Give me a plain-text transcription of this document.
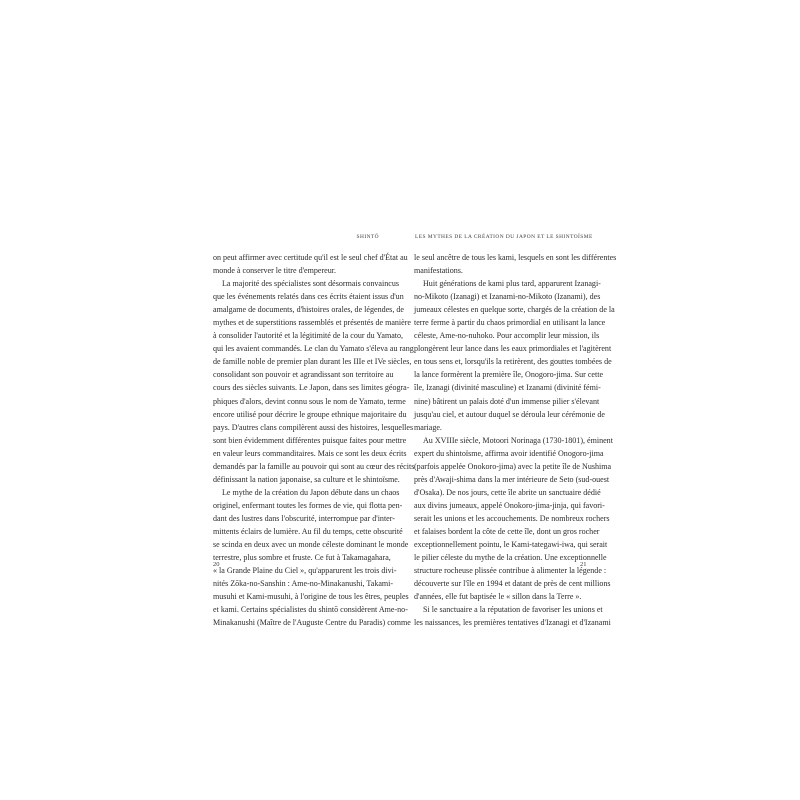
SHINTŌ
on peut affirmer avec certitude qu'il est le seul chef d'État au
monde à conserver le titre d'empereur.
La majorité des spécialistes sont désormais convaincus
que les événements relatés dans ces écrits étaient issus d'un
amalgame de documents, d'histoires orales, de légendes, de
mythes et de superstitions rassemblés et présentés de manière
à consolider l'autorité et la légitimité de la cour du Yamato,
qui les avaient commandés. Le clan du Yamato s'éleva au rang
de famille noble de premier plan durant les IIIe et IVe siècles,
consolidant son pouvoir et agrandissant son territoire au
cours des siècles suivants. Le Japon, dans ses limites géogra-
phiques d'alors, devint connu sous le nom de Yamato, terme
encore utilisé pour décrire le groupe ethnique majoritaire du
pays. D'autres clans compilèrent aussi des histoires, lesquelles
sont bien évidemment différentes puisque faites pour mettre
en valeur leurs commanditaires. Mais ce sont les deux écrits
demandés par la famille au pouvoir qui sont au cœur des récits
définissant la nation japonaise, sa culture et le shintoïsme.
Le mythe de la création du Japon débute dans un chaos
originel, enfermant toutes les formes de vie, qui flotta pen-
dant des lustres dans l'obscurité, interrompue par d'inter-
mittents éclairs de lumière. Au fil du temps, cette obscurité
se scinda en deux avec un monde céleste dominant le monde
terrestre, plus sombre et fruste. Ce fut à Takamagahara,
« la Grande Plaine du Ciel », qu'apparurent les trois divi-
nités Zōka-no-Sanshin : Ame-no-Minakanushi, Takami-
musuhi et Kami-musuhi, à l'origine de tous les êtres, peuples
et kami. Certains spécialistes du shintō considèrent Ame-no-
Minakanushi (Maître de l'Auguste Centre du Paradis) comme
20
LES MYTHES DE LA CRÉATION DU JAPON ET LE SHINTOÏSME
le seul ancêtre de tous les kami, lesquels en sont les différentes
manifestations.
Huit générations de kami plus tard, apparurent Izanagi-
no-Mikoto (Izanagi) et Izanami-no-Mikoto (Izanami), des
jumeaux célestes en quelque sorte, chargés de la création de la
terre ferme à partir du chaos primordial en utilisant la lance
céleste, Ame-no-nuhoko. Pour accomplir leur mission, ils
plongèrent leur lance dans les eaux primordiales et l'agitèrent
en tous sens et, lorsqu'ils la retirèrent, des gouttes tombées de
la lance formèrent la première île, Onogoro-jima. Sur cette
île, Izanagi (divinité masculine) et Izanami (divinité fémi-
nine) bâtirent un palais doté d'un immense pilier s'élevant
jusqu'au ciel, et autour duquel se déroula leur cérémonie de
mariage.
Au XVIIIe siècle, Motoori Norinaga (1730-1801), éminent
expert du shintoïsme, affirma avoir identifié Onogoro-jima
(parfois appelée Onokoro-jima) avec la petite île de Nushima
près d'Awaji-shima dans la mer intérieure de Seto (sud-ouest
d'Osaka). De nos jours, cette île abrite un sanctuaire dédié
aux divins jumeaux, appelé Onokoro-jima-jinja, qui favori-
serait les unions et les accouchements. De nombreux rochers
et falaises bordent la côte de cette île, dont un gros rocher
exceptionnellement pointu, le Kami-tategawi-iwa, qui serait
le pilier céleste du mythe de la création. Une exceptionnelle
structure rocheuse plissée contribue à alimenter la légende :
découverte sur l'île en 1994 et datant de près de cent millions
d'années, elle fut baptisée le « sillon dans la Terre ».
Si le sanctuaire a la réputation de favoriser les unions et
les naissances, les premières tentatives d'Izanagi et d'Izanami
21
